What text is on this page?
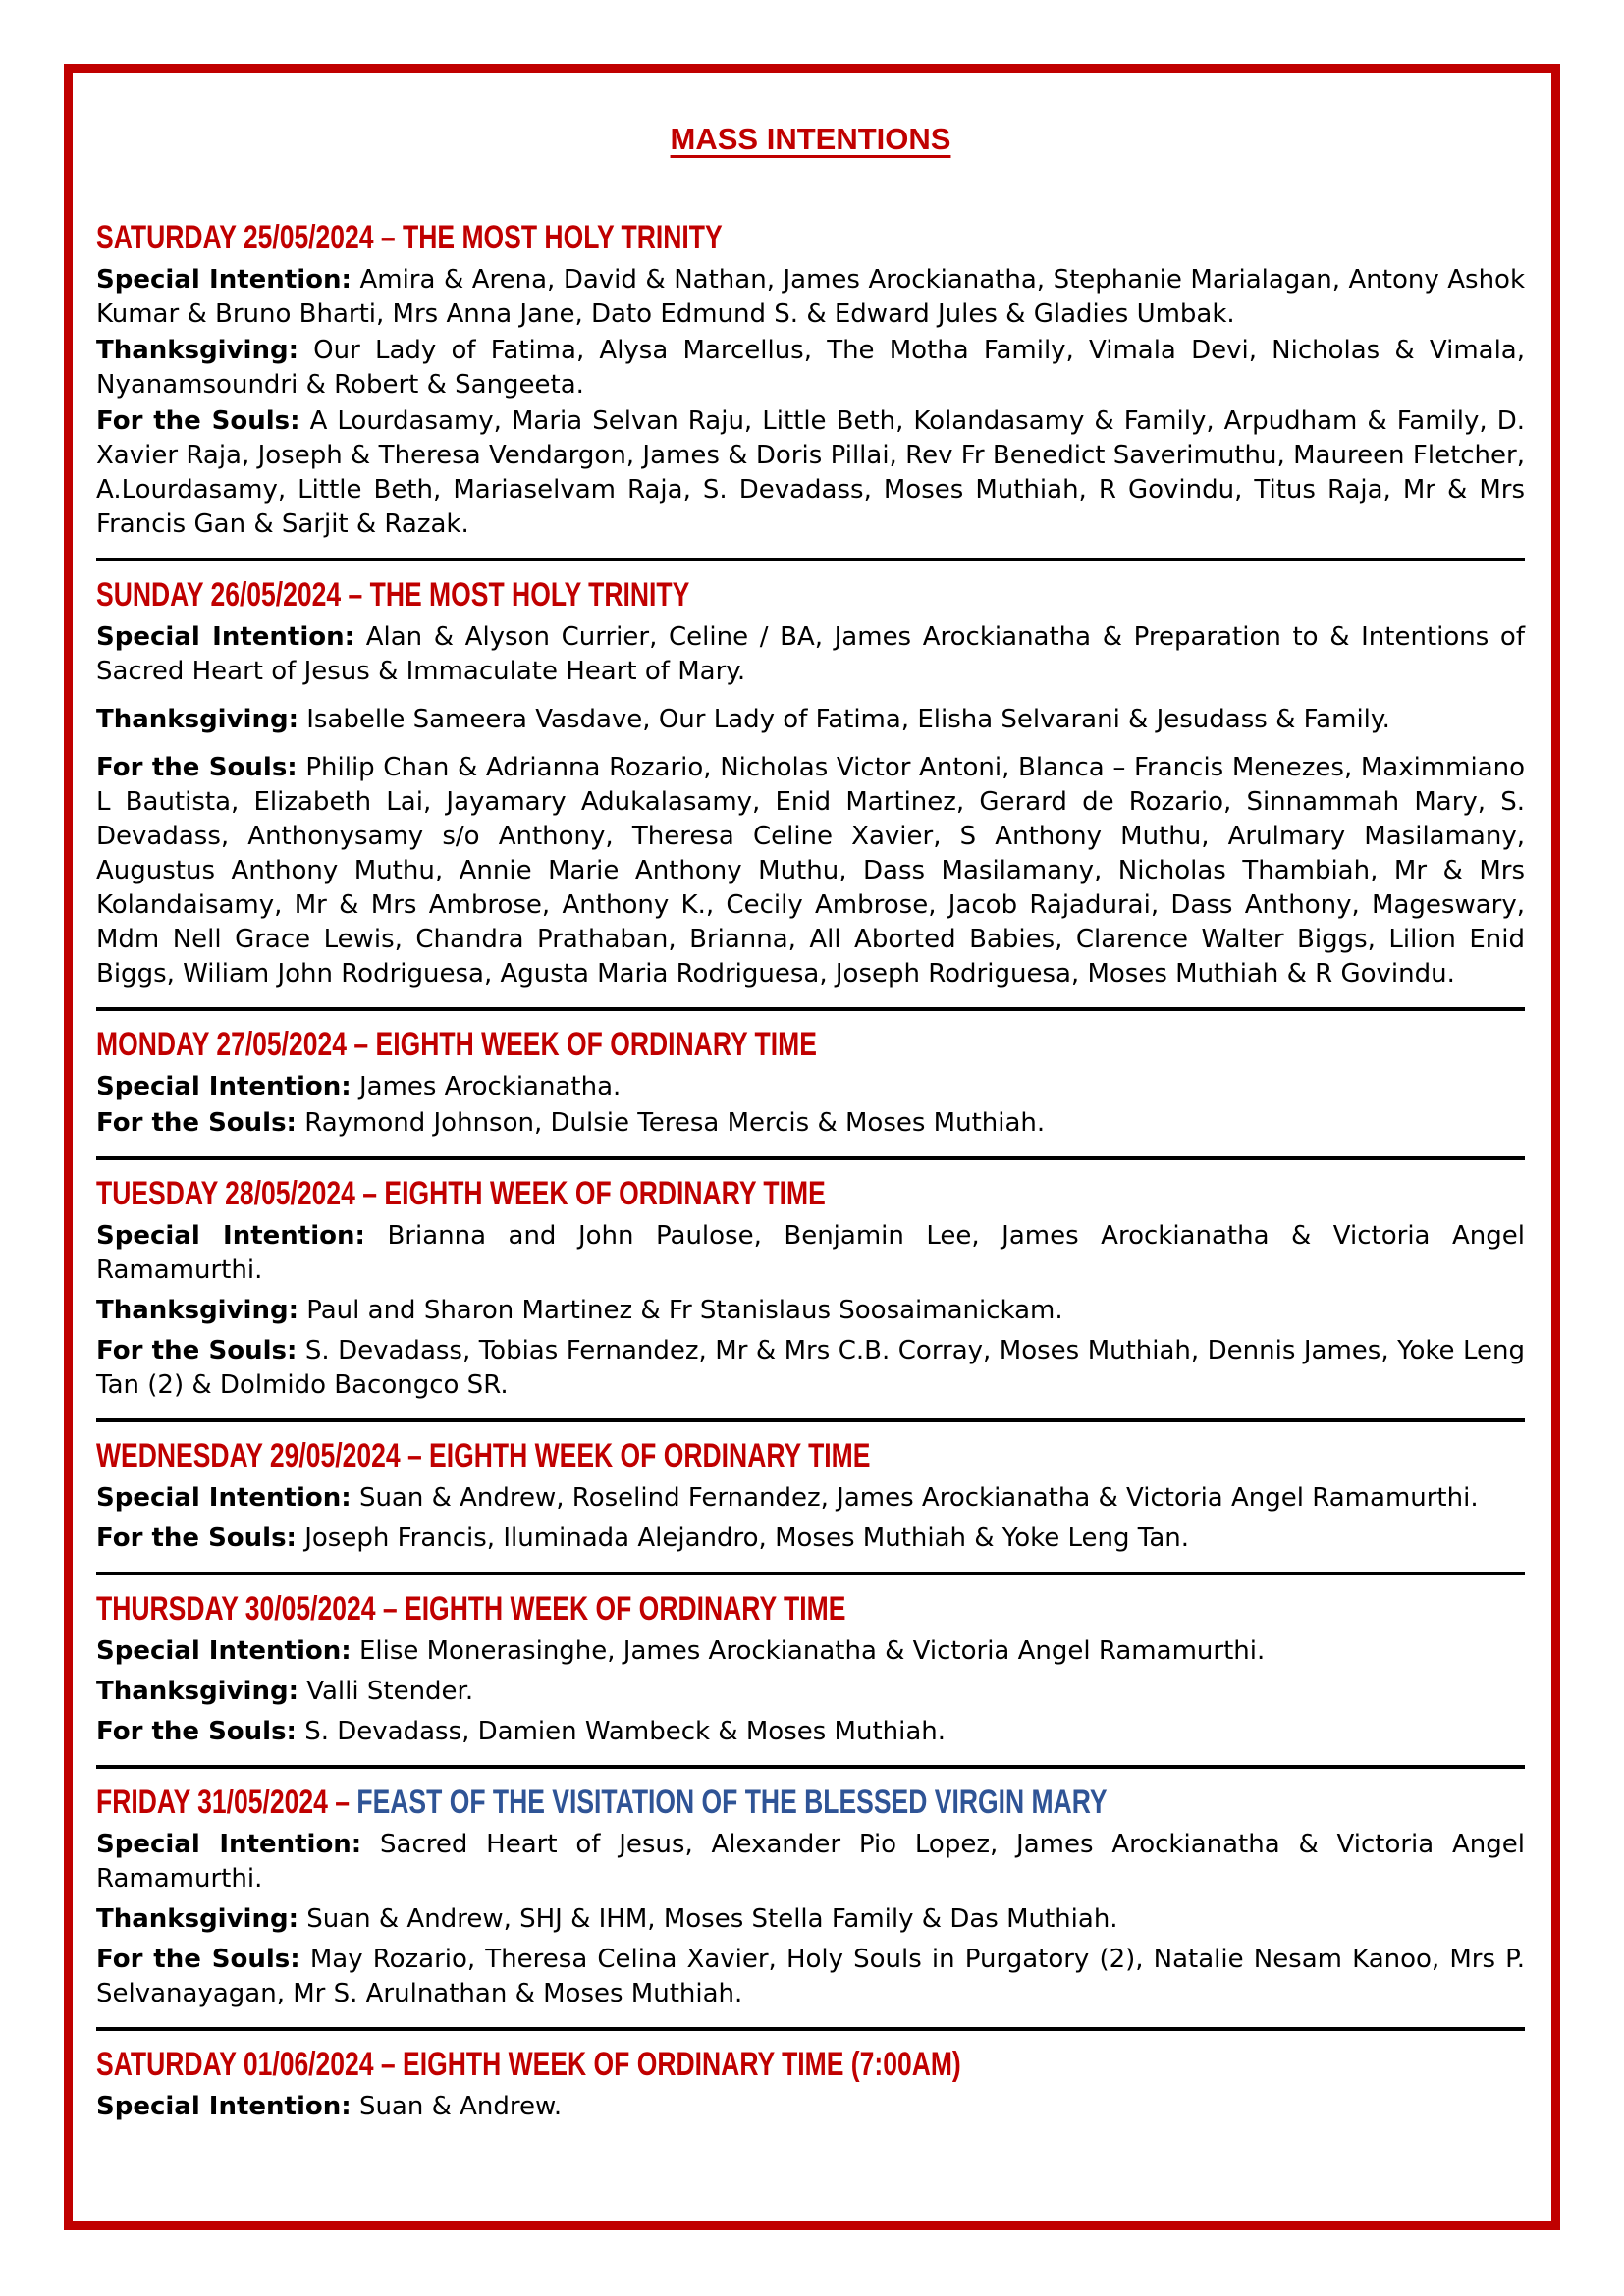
MASS INTENTIONS
SATURDAY 25/05/2024 – THE MOST HOLY TRINITY

Special Intention: Amira & Arena, David & Nathan, James Arockianatha, Stephanie Marialagan, Antony Ashok Kumar & Bruno Bharti, Mrs Anna Jane, Dato Edmund S. & Edward Jules & Gladies Umbak.

Thanksgiving: Our Lady of Fatima, Alysa Marcellus, The Motha Family, Vimala Devi, Nicholas & Vimala, Nyanamsoundri & Robert & Sangeeta.

For the Souls: A Lourdasamy, Maria Selvan Raju, Little Beth, Kolandasamy & Family, Arpudham & Family, D. Xavier Raja, Joseph & Theresa Vendargon, James & Doris Pillai, Rev Fr Benedict Saverimuthu, Maureen Fletcher, A.Lourdasamy, Little Beth, Mariaselvam Raja, S. Devadass, Moses Muthiah, R Govindu, Titus Raja, Mr & Mrs Francis Gan & Sarjit & Razak.

SUNDAY 26/05/2024 – THE MOST HOLY TRINITY

Special Intention: Alan & Alyson Currier, Celine / BA, James Arockianatha & Preparation to & Intentions of Sacred Heart of Jesus & Immaculate Heart of Mary.

Thanksgiving: Isabelle Sameera Vasdave, Our Lady of Fatima, Elisha Selvarani & Jesudass & Family.

For the Souls: Philip Chan & Adrianna Rozario, Nicholas Victor Antoni, Blanca – Francis Menezes, Maximmiano L Bautista, Elizabeth Lai, Jayamary Adukalasamy, Enid Martinez, Gerard de Rozario, Sinnammah Mary, S. Devadass, Anthonysamy s/o Anthony, Theresa Celine Xavier, S Anthony Muthu, Arulmary Masilamany, Augustus Anthony Muthu, Annie Marie Anthony Muthu, Dass Masilamany, Nicholas Thambiah, Mr & Mrs Kolandaisamy, Mr & Mrs Ambrose, Anthony K., Cecily Ambrose, Jacob Rajadurai, Dass Anthony, Mageswary, Mdm Nell Grace Lewis, Chandra Prathaban, Brianna, All Aborted Babies, Clarence Walter Biggs, Lilion Enid Biggs, Wiliam John Rodriguesa, Agusta Maria Rodriguesa, Joseph Rodriguesa, Moses Muthiah & R Govindu.

MONDAY 27/05/2024 – EIGHTH WEEK OF ORDINARY TIME

Special Intention: James Arockianatha.

For the Souls: Raymond Johnson, Dulsie Teresa Mercis & Moses Muthiah.

TUESDAY 28/05/2024 – EIGHTH WEEK OF ORDINARY TIME

Special Intention: Brianna and John Paulose, Benjamin Lee, James Arockianatha & Victoria Angel Ramamurthi.

Thanksgiving: Paul and Sharon Martinez & Fr Stanislaus Soosaimanickam.

For the Souls: S. Devadass, Tobias Fernandez, Mr & Mrs C.B. Corray, Moses Muthiah, Dennis James, Yoke Leng Tan (2) & Dolmido Bacongco SR.

WEDNESDAY 29/05/2024 – EIGHTH WEEK OF ORDINARY TIME

Special Intention: Suan & Andrew, Roselind Fernandez, James Arockianatha & Victoria Angel Ramamurthi.

For the Souls: Joseph Francis, Iluminada Alejandro, Moses Muthiah & Yoke Leng Tan.

THURSDAY 30/05/2024 – EIGHTH WEEK OF ORDINARY TIME

Special Intention: Elise Monerasinghe, James Arockianatha & Victoria Angel Ramamurthi.

Thanksgiving: Valli Stender.

For the Souls: S. Devadass, Damien Wambeck & Moses Muthiah.

FRIDAY 31/05/2024 – FEAST OF THE VISITATION OF THE BLESSED VIRGIN MARY

Special Intention: Sacred Heart of Jesus, Alexander Pio Lopez, James Arockianatha & Victoria Angel Ramamurthi.

Thanksgiving: Suan & Andrew, SHJ & IHM, Moses Stella Family & Das Muthiah.

For the Souls: May Rozario, Theresa Celina Xavier, Holy Souls in Purgatory (2), Natalie Nesam Kanoo, Mrs P. Selvanayagan, Mr S. Arulnathan & Moses Muthiah.

SATURDAY 01/06/2024 – EIGHTH WEEK OF ORDINARY TIME (7:00AM)

Special Intention: Suan & Andrew.
